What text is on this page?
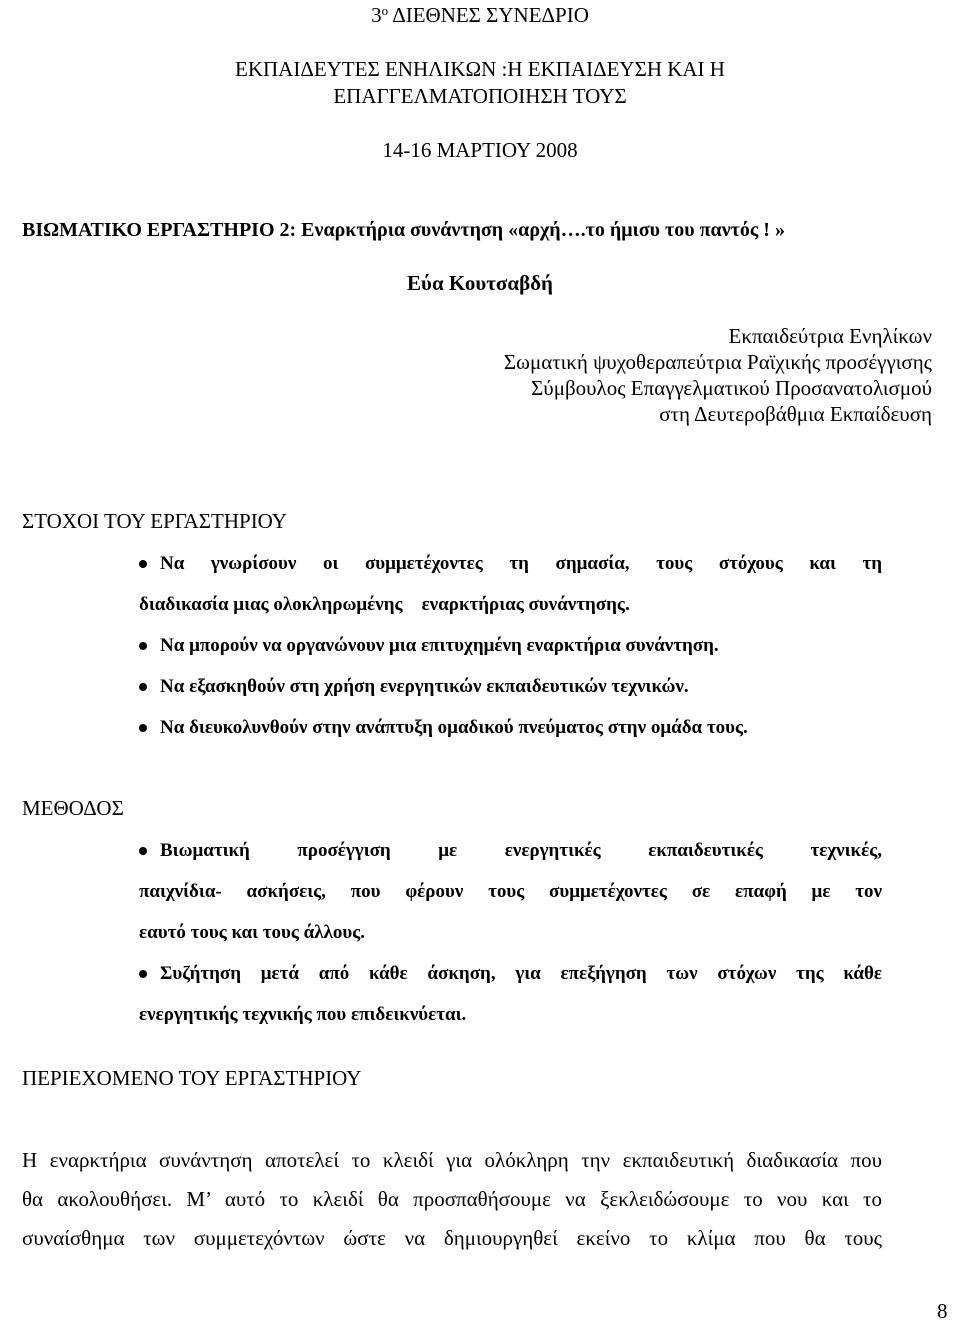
$3^o$ ΔΙΕΘΝΕΣ ΣΥΝΕΔΡΙΟ
ΕΚΠΑΙΔΕΥΤΕΣ ΕΝΗΛΙΚΩΝ :Η ΕΚΠΑΙΔΕΥΣΗ ΚΑΙ Η
ΕΠΑΓΓΕΛΜΑΤΟΠΟΙΗΣΗ ΤΟΥΣ
14-16 ΜΑΡΤΙΟΥ 2008
ΒΙΩΜΑΤΙΚΟ ΕΡΓΑΣΤΗΡΙΟ 2: Εναρκτήρια συνάντηση «αρχή….το ήμισυ του παντός ! »
Εύα Κουτσαβδή
Εκπαιδεύτρια Ενηλίκων
Σωματική ψυχοθεραπεύτρια Ραϊχικής προσέγγισης
Σύμβουλος Επαγγελματικού Προσανατολισμού
στη Δευτεροβάθμια Εκπαίδευση
ΣΤΟΧΟΙ ΤΟΥ ΕΡΓΑΣΤΗΡΙΟΥ
Να γνωρίσουν οι συμμετέχοντες τη σημασία, τους στόχους και τη
διαδικασία μιας ολοκληρωμένης    εναρκτήριας συνάντησης.
Να μπορούν να οργανώνουν μια επιτυχημένη εναρκτήρια συνάντηση.
Να εξασκηθούν στη χρήση ενεργητικών εκπαιδευτικών τεχνικών.
Να διευκολυνθούν στην ανάπτυξη ομαδικού πνεύματος στην ομάδα τους.
ΜΕΘΟΔΟΣ
Βιωματική προσέγγιση με ενεργητικές εκπαιδευτικές τεχνικές,
παιχνίδια- ασκήσεις, που φέρουν τους συμμετέχοντες σε επαφή με τον
εαυτό τους και τους άλλους.
Συζήτηση μετά από κάθε άσκηση, για επεξήγηση των στόχων της κάθε
ενεργητικής τεχνικής που επιδεικνύεται.
ΠΕΡΙΕΧΟΜΕΝΟ ΤΟΥ ΕΡΓΑΣΤΗΡΙΟΥ
Η εναρκτήρια συνάντηση αποτελεί το κλειδί για ολόκληρη την εκπαιδευτική διαδικασία που
θα ακολουθήσει. Μ’ αυτό το κλειδί θα προσπαθήσουμε να ξεκλειδώσουμε το νου και το
συναίσθημα των συμμετεχόντων ώστε να δημιουργηθεί εκείνο το κλίμα που θα τους
8
